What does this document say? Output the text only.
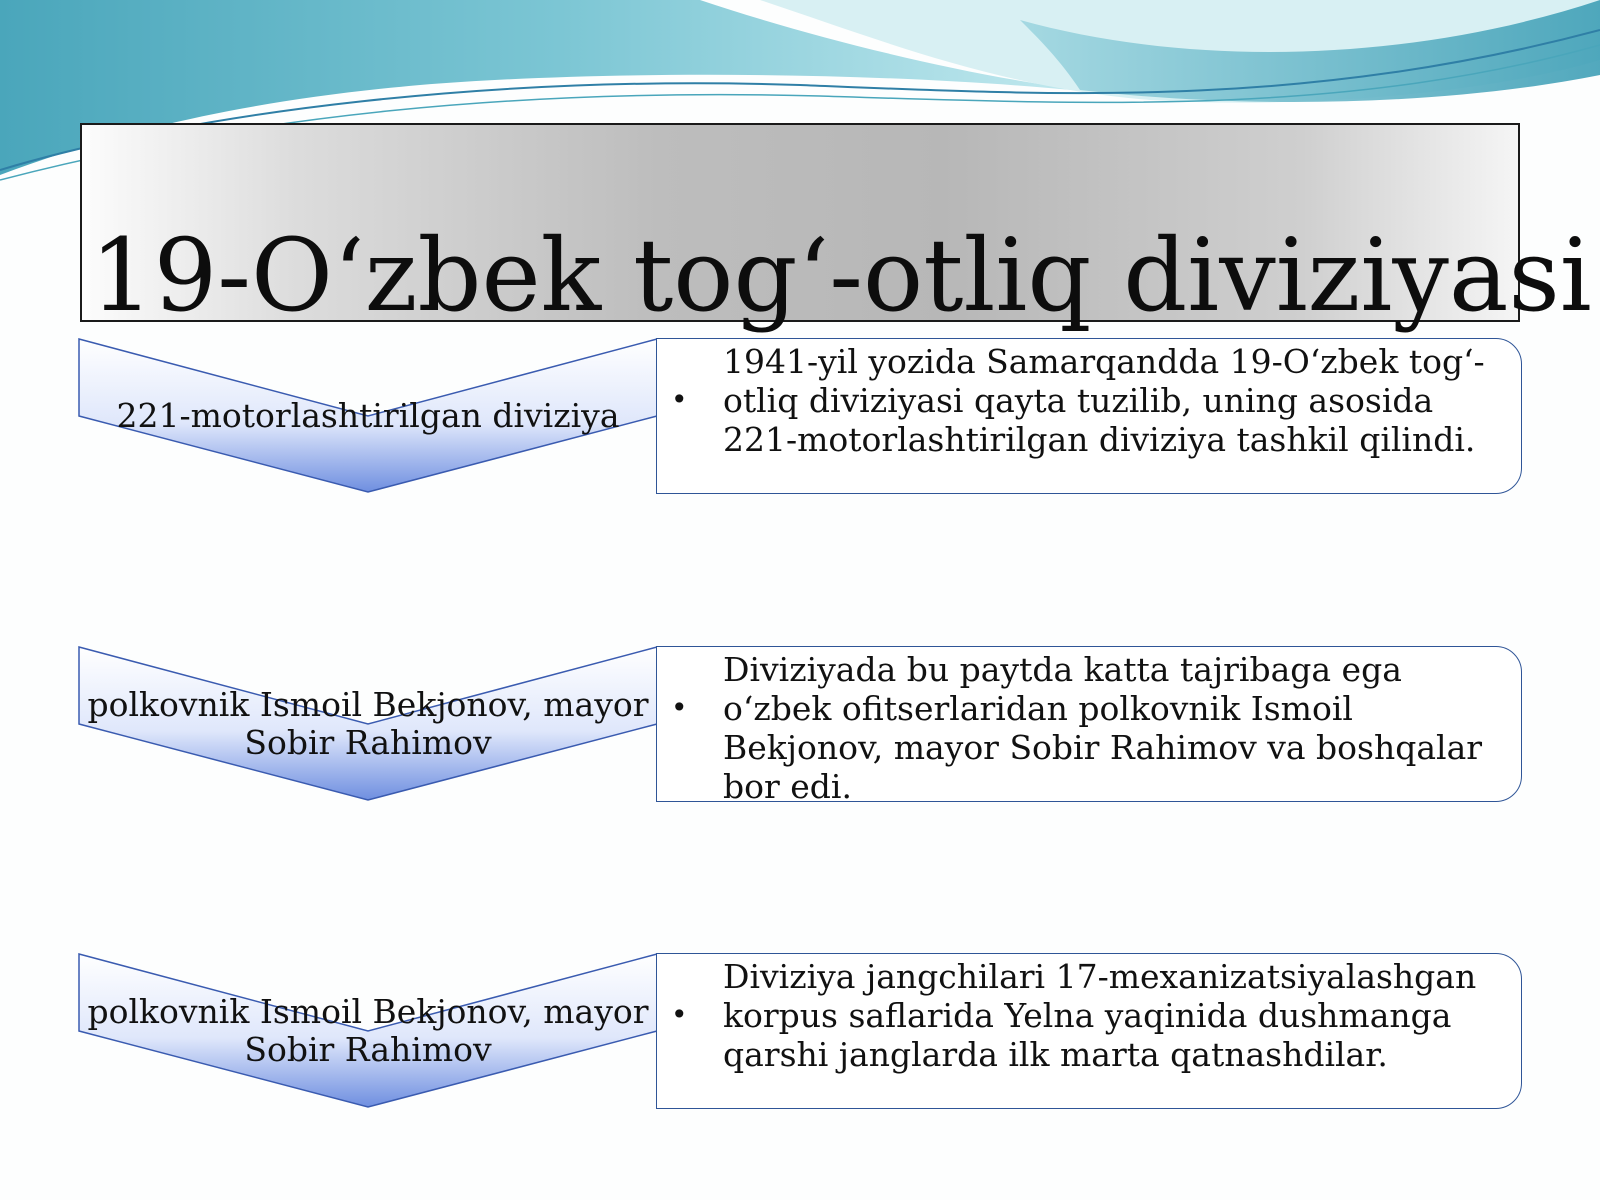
19-O‘zbek tog‘-otliq diviziyasi
221-motorlashtirilgan diviziya	•
1941-yil yozida Samarqandda 19-O‘zbek tog‘-otliq diviziyasi qayta tuzilib, uning asosida 221-motorlashtirilgan diviziya tashkil qilindi.
polkovnik Ismoil Bekjonov, mayor Sobir Rahimov
•
Diviziyada bu paytda katta tajribaga ega o‘zbek ofitserlaridan polkovnik Ismoil Bekjonov, mayor Sobir Rahimov va boshqalar bor edi.
polkovnik Ismoil Bekjonov, mayor Sobir Rahimov
•
Diviziya jangchilari 17-mexanizatsiyalashgan korpus saflarida Yelna yaqinida dushmanga qarshi janglarda ilk marta qatnashdilar.
